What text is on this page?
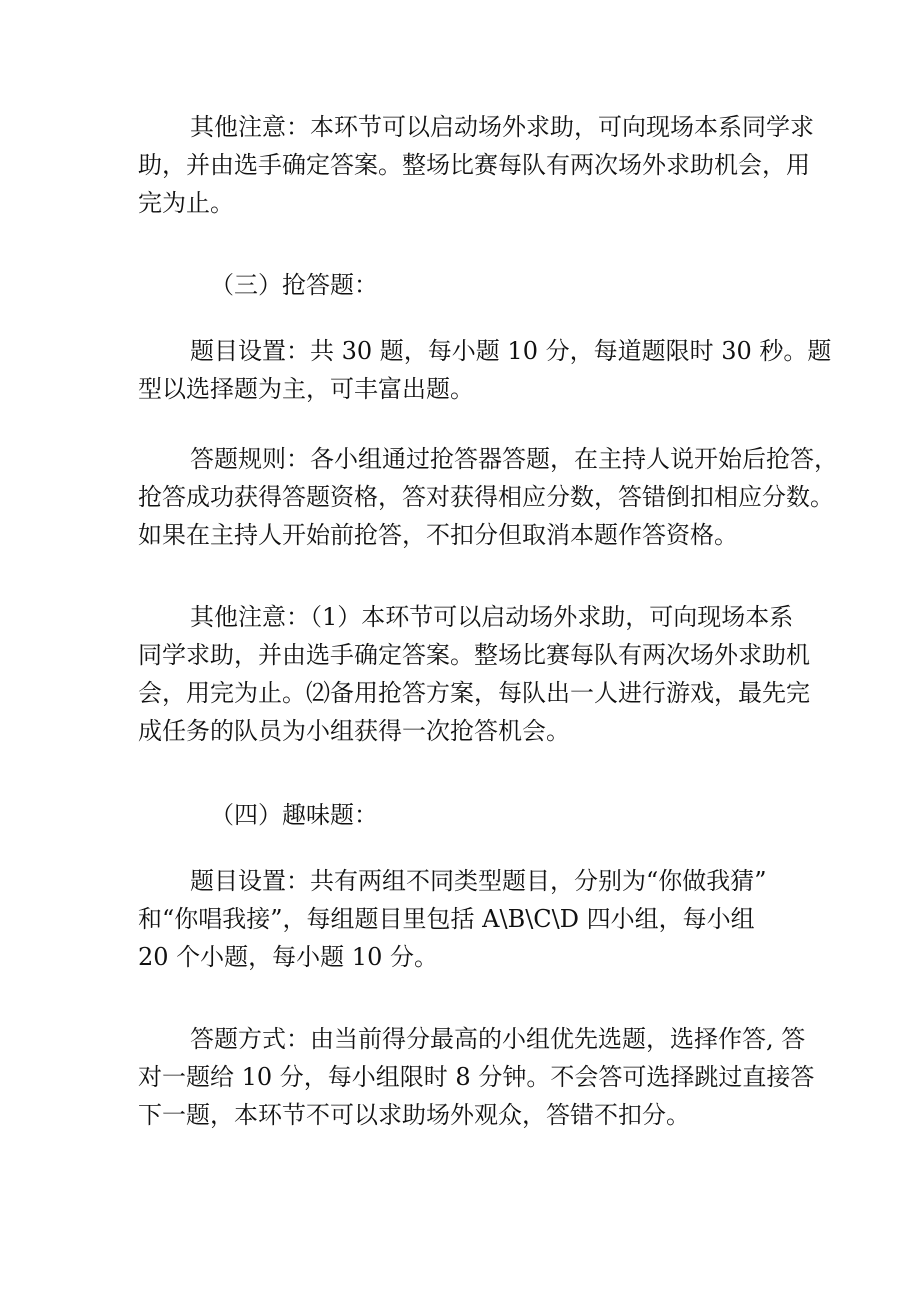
其他注意：本环节可以启动场外求助，可向现场本系同学求
助，并由选手确定答案。整场比赛每队有两次场外求助机会，用
完为止。
（三）抢答题：
题目设置：共 30 题，每小题 10 分，每道题限时 30 秒。题
型以选择题为主，可丰富出题。
答题规则：各小组通过抢答器答题，在主持人说开始后抢答，
抢答成功获得答题资格，答对获得相应分数，答错倒扣相应分数。
如果在主持人开始前抢答，不扣分但取消本题作答资格。
其他注意：（1）本环节可以启动场外求助，可向现场本系
同学求助，并由选手确定答案。整场比赛每队有两次场外求助机
会，用完为止。⑵备用抢答方案，每队出一人进行游戏，最先完
成任务的队员为小组获得一次抢答机会。
（四）趣味题：
题目设置：共有两组不同类型题目，分别为“你做我猜”
和“你唱我接”，每组题目里包括 A\B\C\D 四小组，每小组
20 个小题，每小题 10 分。
答题方式：由当前得分最高的小组优先选题，选择作答, 答
对一题给 10 分，每小组限时 8 分钟。不会答可选择跳过直接答
下一题，本环节不可以求助场外观众，答错不扣分。
